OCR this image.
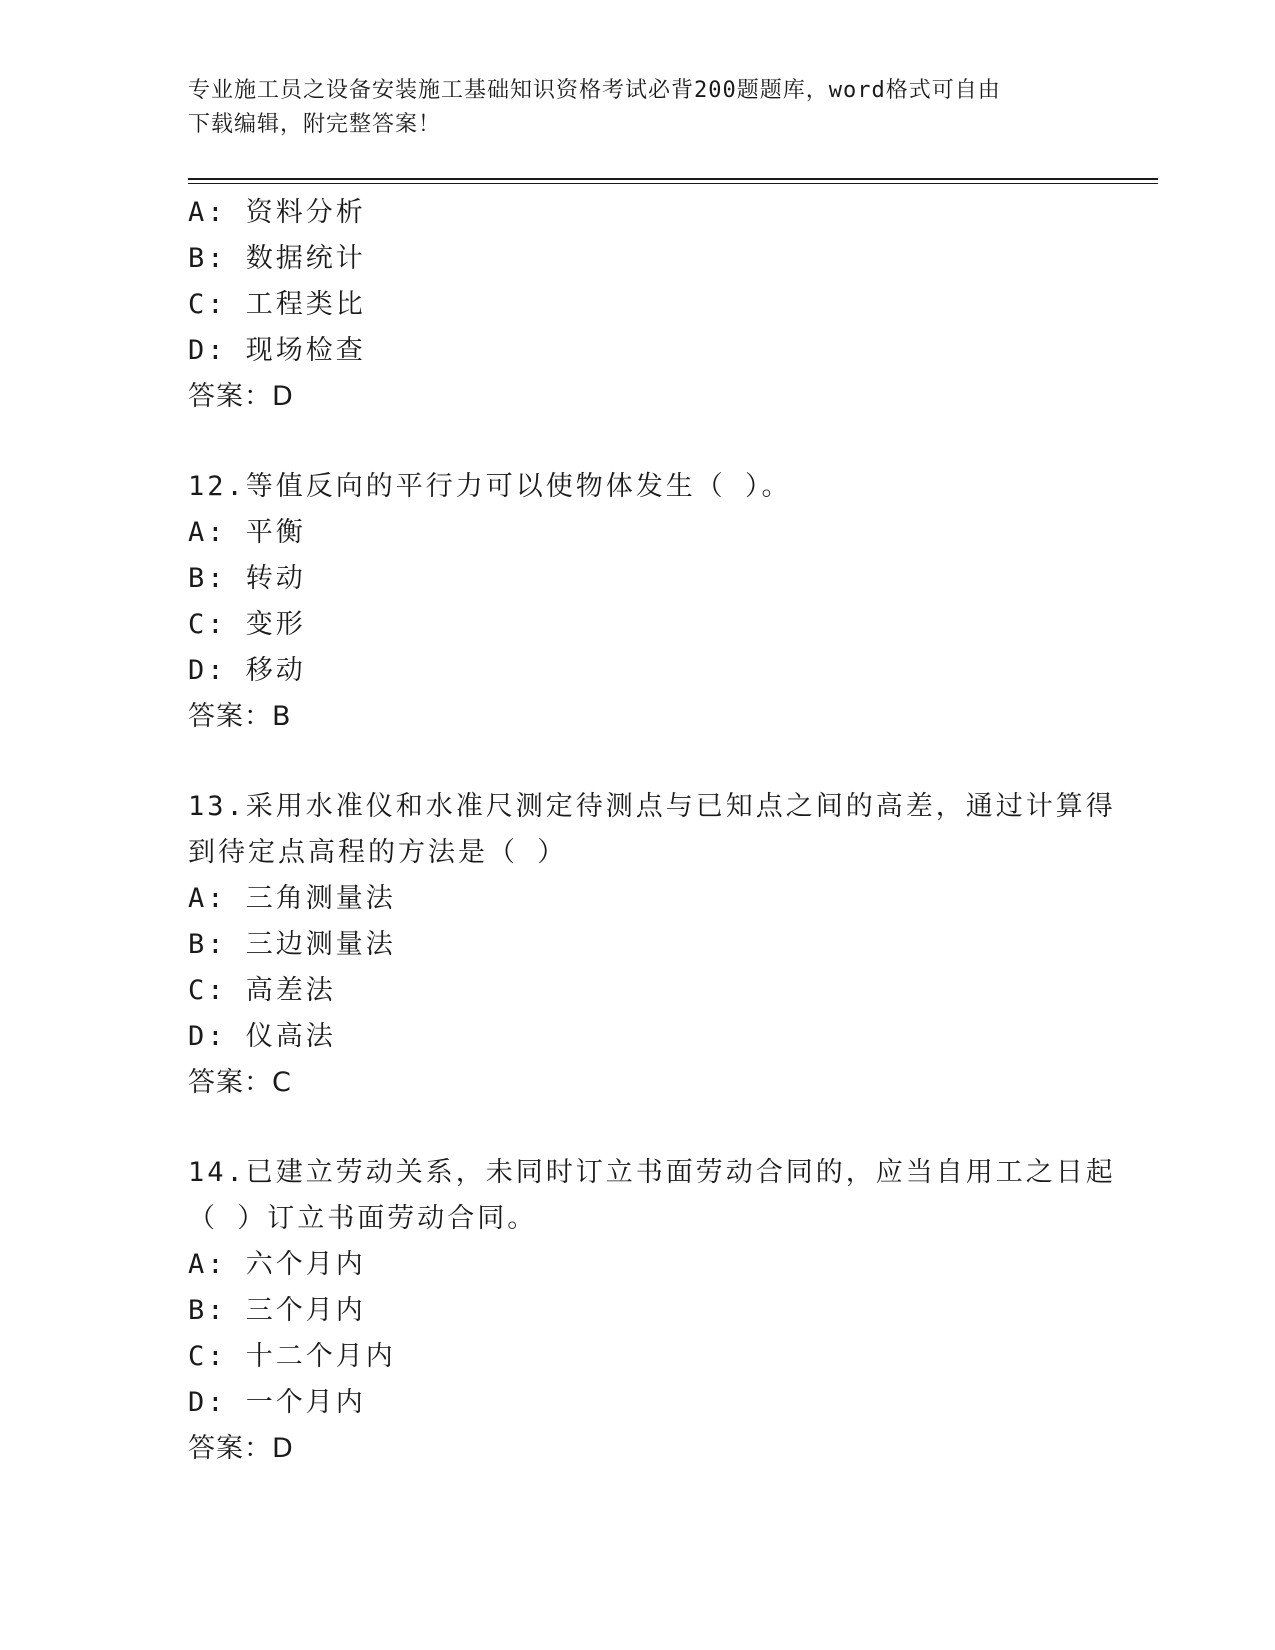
专业施工员之设备安装施工基础知识资格考试必背200题题库，word格式可自由
下载编辑，附完整答案！
A: 资料分析
B: 数据统计
C: 工程类比
D: 现场检查
答案：D
12.等值反向的平行力可以使物体发生（ ）。
A: 平衡
B: 转动
C: 变形
D: 移动
答案：B
13.采用水准仪和水准尺测定待测点与已知点之间的高差，通过计算得
到待定点高程的方法是（ ）
A: 三角测量法
B: 三边测量法
C: 高差法
D: 仪高法
答案：C
14.已建立劳动关系，未同时订立书面劳动合同的，应当自用工之日起
（ ）订立书面劳动合同。
A: 六个月内
B: 三个月内
C: 十二个月内
D: 一个月内
答案：D
